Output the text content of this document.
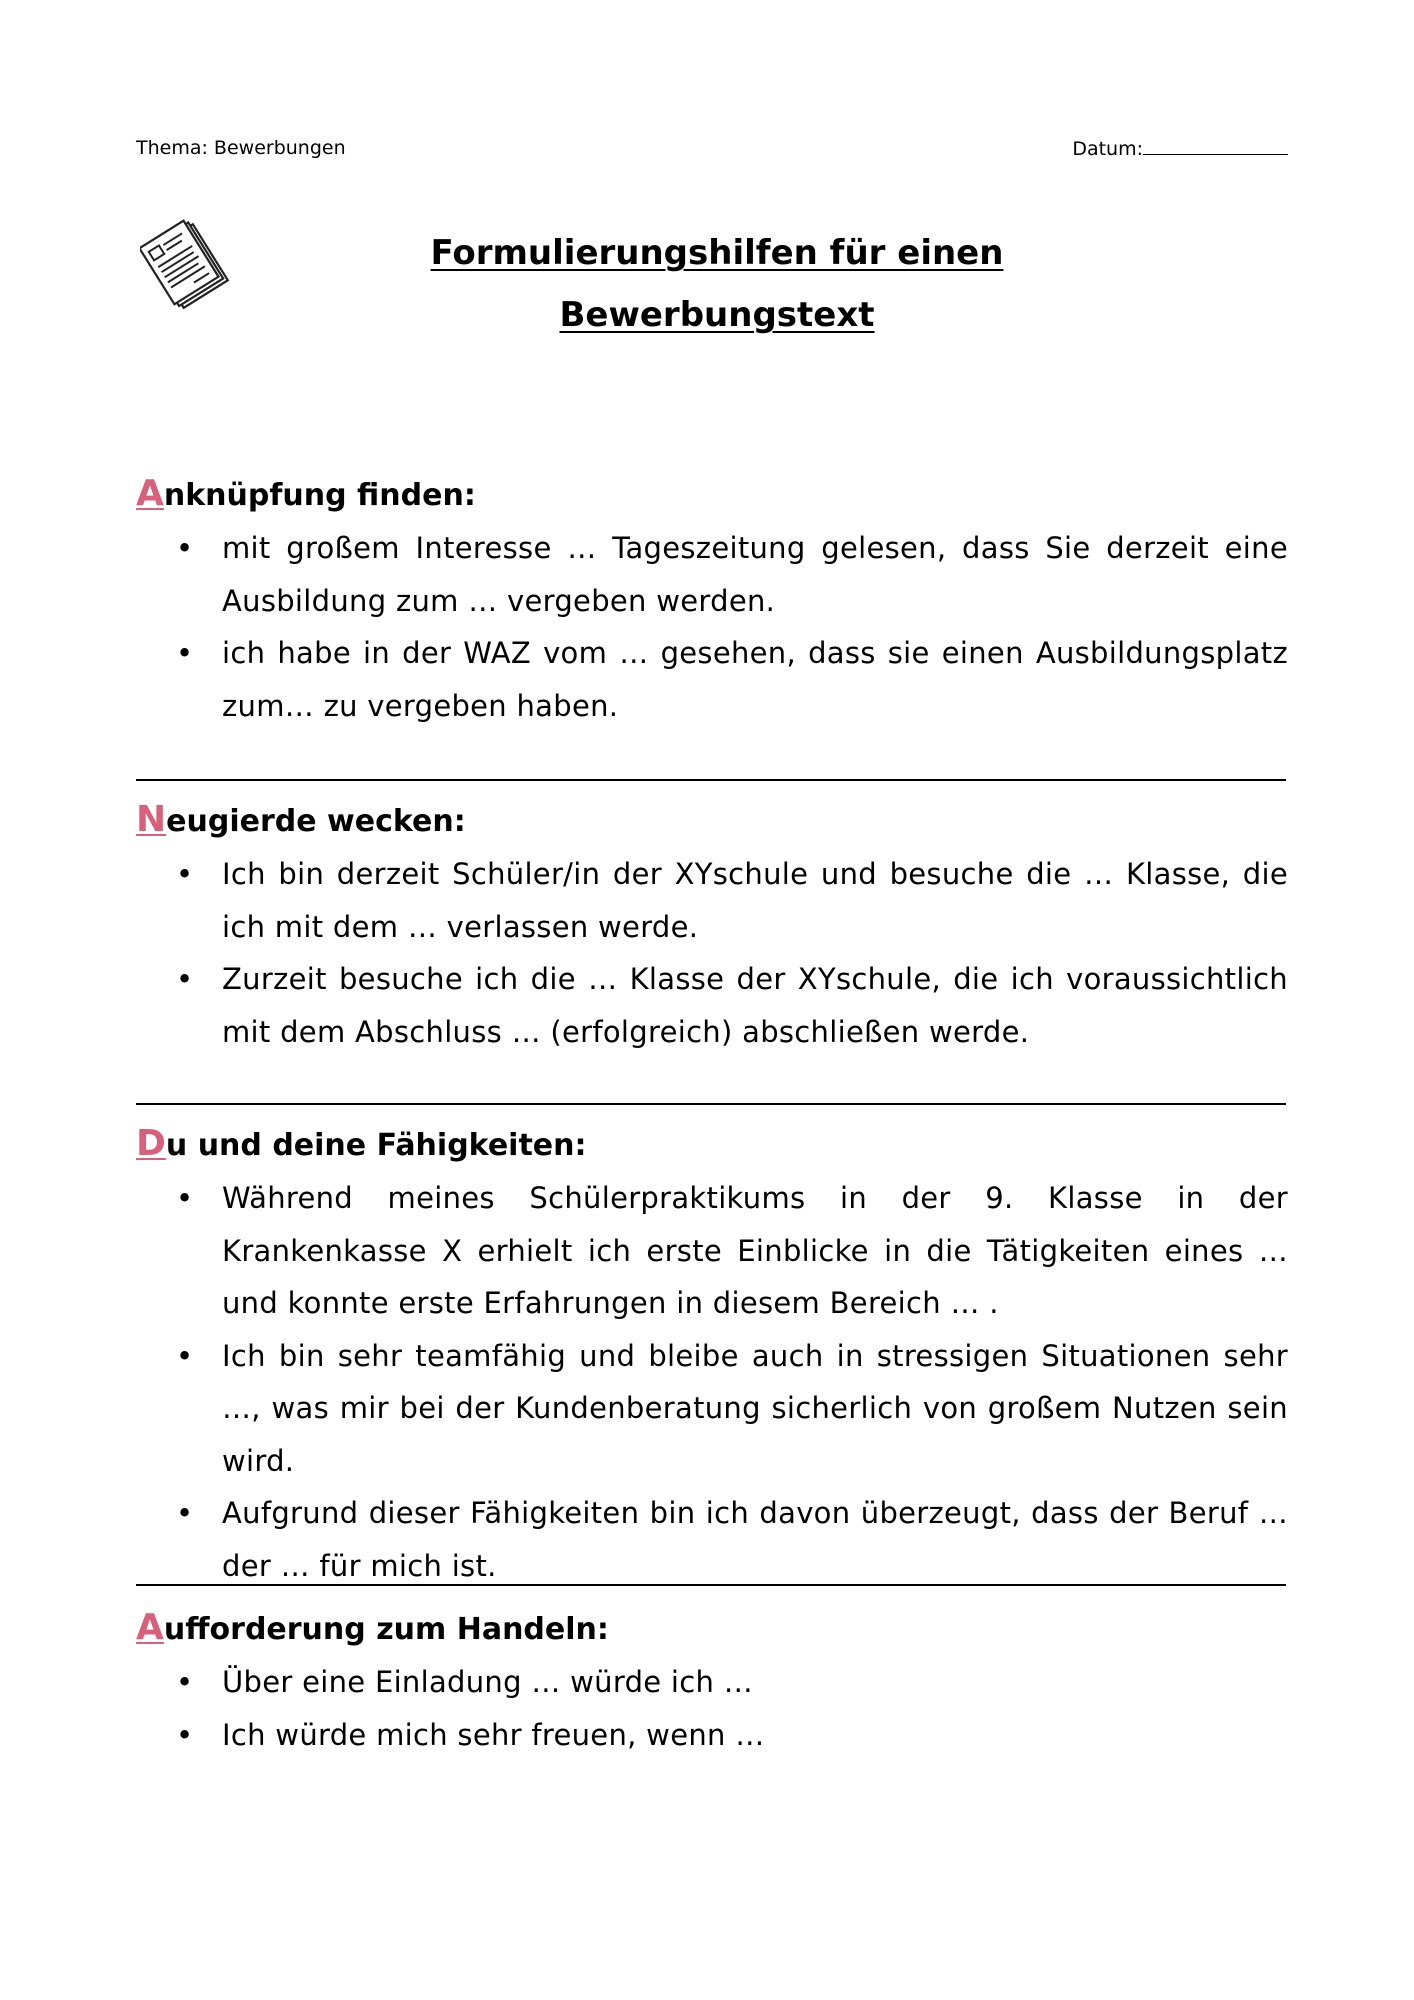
Thema: Bewerbungen	Datum:
Formulierungshilfen für einen
Bewerbungstext
Anknüpfung finden:
• mit großem Interesse … Tageszeitung gelesen, dass Sie derzeit eine Ausbildung zum … vergeben werden.
• ich habe in der WAZ vom … gesehen, dass sie einen Ausbildungsplatz zum… zu vergeben haben.
Neugierde wecken:
• Ich bin derzeit Schüler/in der XYschule und besuche die … Klasse, die ich mit dem … verlassen werde.
• Zurzeit besuche ich die … Klasse der XYschule, die ich voraussichtlich mit dem Abschluss … (erfolgreich) abschließen werde.
Du und deine Fähigkeiten:
• Während meines Schülerpraktikums in der 9. Klasse in der Krankenkasse X erhielt ich erste Einblicke in die Tätigkeiten eines … und konnte erste Erfahrungen in diesem Bereich … .
• Ich bin sehr teamfähig und bleibe auch in stressigen Situationen sehr …, was mir bei der Kundenberatung sicherlich von großem Nutzen sein wird.
• Aufgrund dieser Fähigkeiten bin ich davon überzeugt, dass der Beruf … der … für mich ist.
Aufforderung zum Handeln:
• Über eine Einladung … würde ich …
• Ich würde mich sehr freuen, wenn …
